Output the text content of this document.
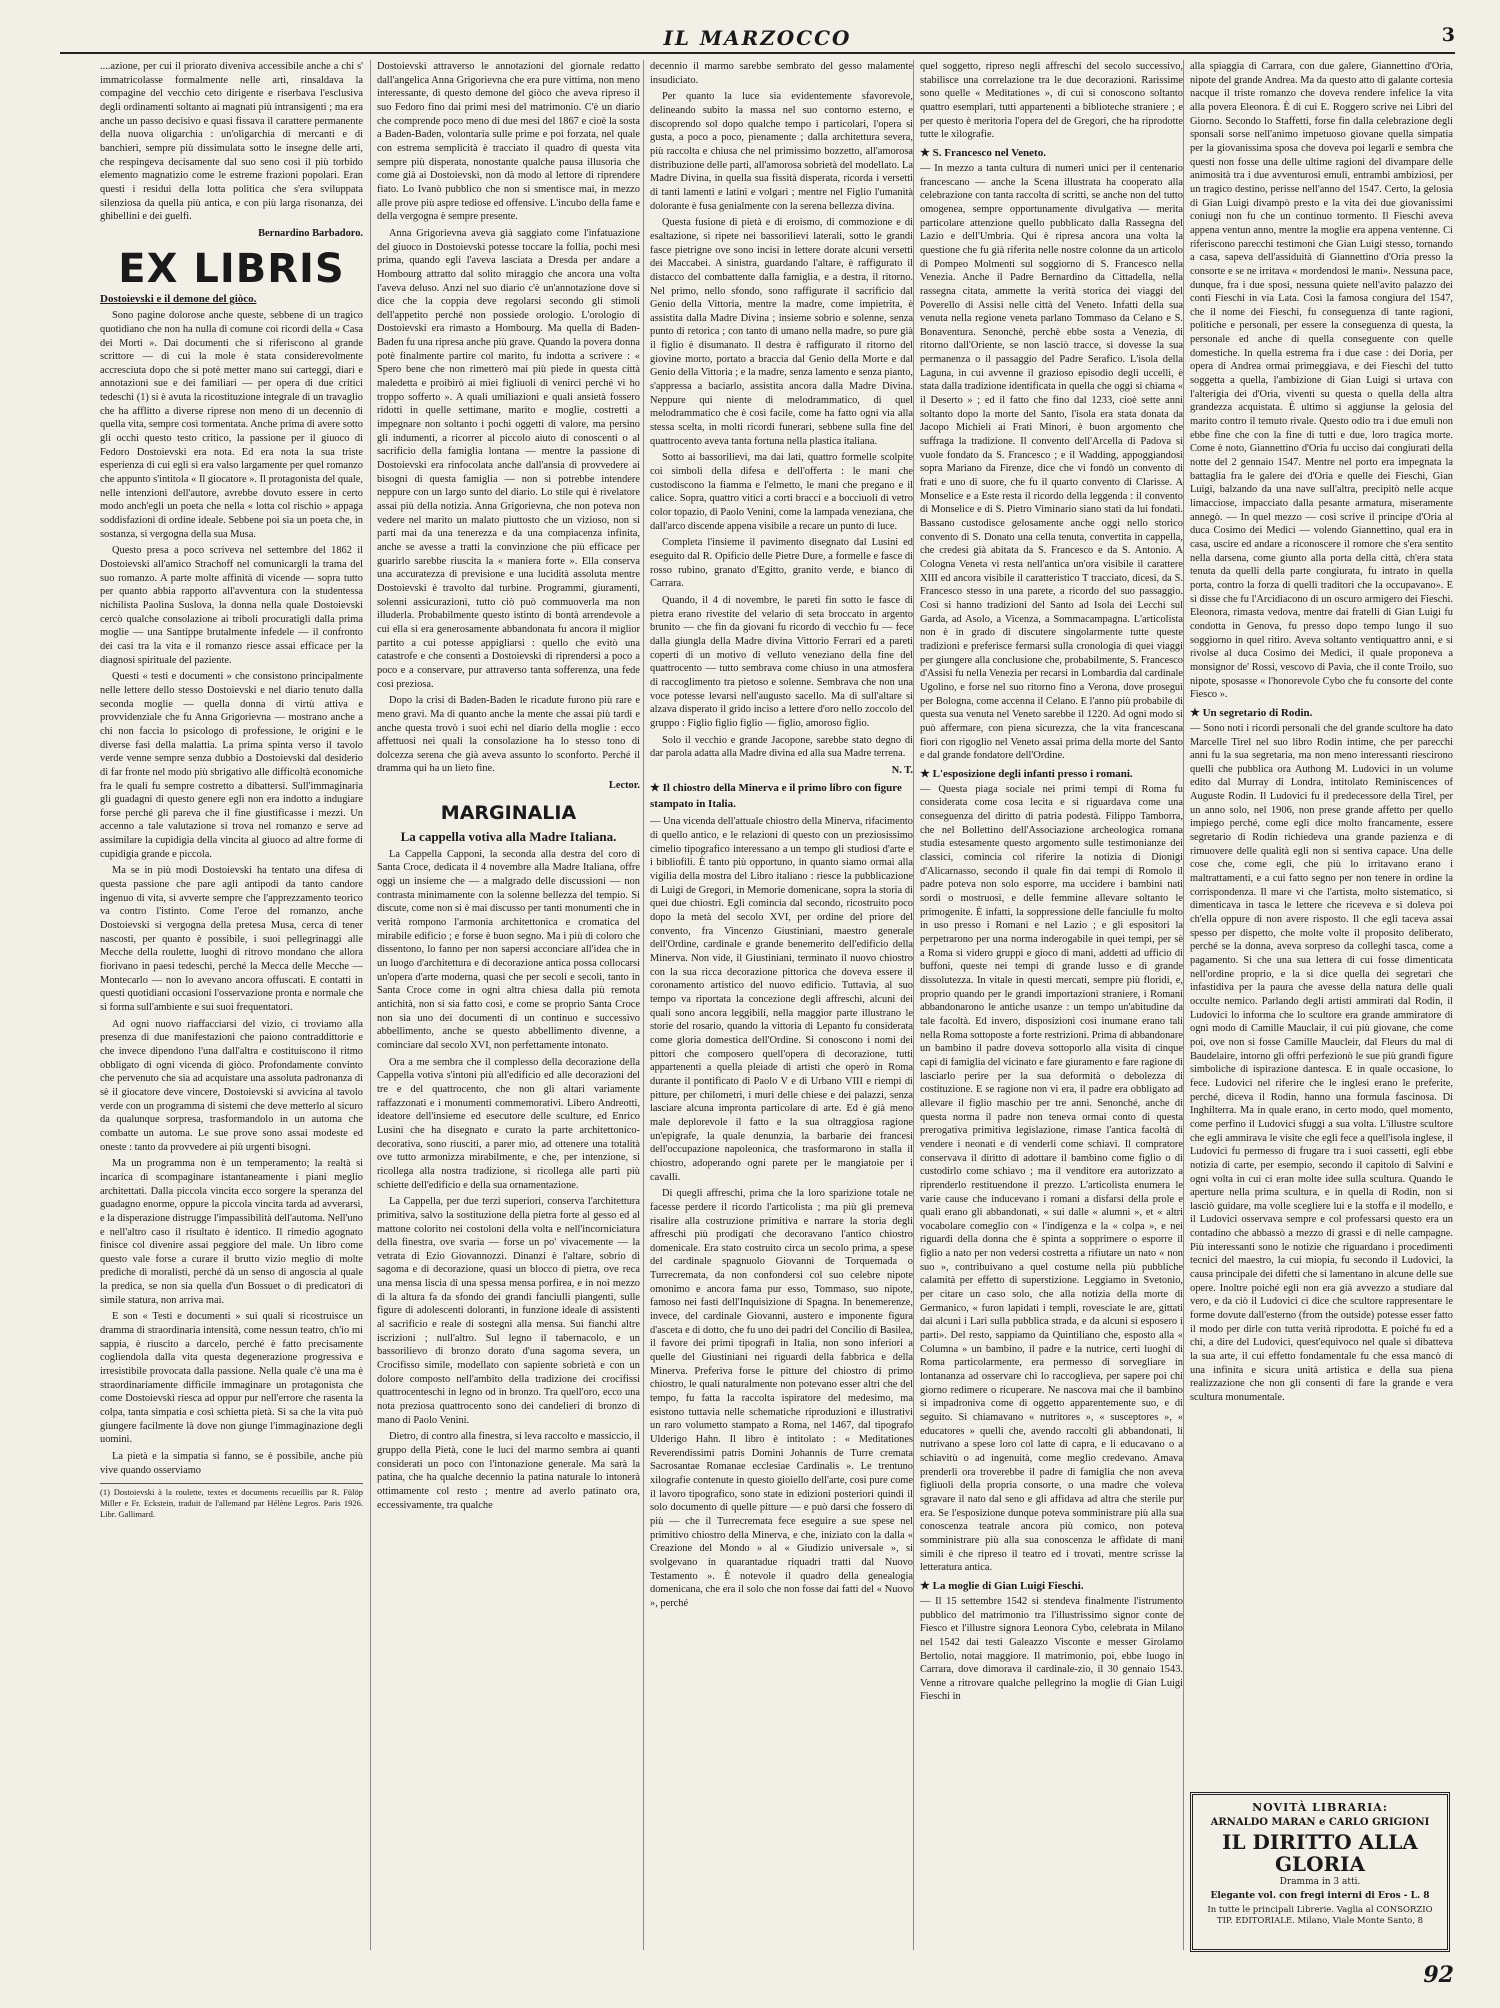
IL MARZOCCO	3

....azione, per cui il priorato diveniva accessibile anche a chi s' immatricolasse formalmente nelle arti, rinsaldava la compagine del vecchio ceto dirigente e riserbava l'esclusiva degli ordinamenti soltanto ai magnati più intransigenti ; ma era anche un passo decisivo e quasi fissava il carattere permanente della nuova oligarchia : un'oligarchia di mercanti e di banchieri, sempre più dissimulata sotto le insegne delle arti, che respingeva decisamente dal suo seno così il più torbido elemento magnatizio come le estreme frazioni popolari. Eran questi i residui della lotta politica che s'era sviluppata silenziosa da quella più antica, e con più larga risonanza, dei ghibellini e dei guelfi.

Bernardino Barbadoro.

EX LIBRIS

Dostoievski e il demone del giòco.

Sono pagine dolorose anche queste, sebbene di un tragico quotidiano che non ha nulla di comune coi ricordi della « Casa dei Morti ». Dai documenti che si riferiscono al grande scrittore — di cui la mole è stata considerevolmente accresciuta dopo che si potè metter mano sui carteggi, diari e annotazioni sue e dei familiari — per opera di due critici tedeschi (1) si è avuta la ricostituzione integrale di un travaglio che ha afflitto a diverse riprese non meno di un decennio di quella vita, sempre così tormentata. Anche prima di avere sotto gli occhi questo testo critico, la passione per il giuoco di Fedoro Dostoievski era nota. Ed era nota la sua triste esperienza di cui egli si era valso largamente per quel romanzo che appunto s'intitola « Il giocatore ». Il protagonista del quale, nelle intenzioni dell'autore, avrebbe dovuto essere in certo modo anch'egli un poeta che nella « lotta col rischio » appaga soddisfazioni di ordine ideale. Sebbene poi sia un poeta che, in sostanza, si vergogna della sua Musa.

Questo presa a poco scriveva nel settembre del 1862 il Dostoievski all'amico Strachoff nel comunicargli la trama del suo romanzo. A parte molte affinità di vicende — sopra tutto per quanto abbia rapporto all'avventura con la studentessa nichilista Paolina Suslova, la donna nella quale Dostoievski cercò qualche consolazione ai triboli procuratigli dalla prima moglie — una Santippe brutalmente infedele — il confronto dei casi tra la vita e il romanzo riesce assai efficace per la diagnosi spirituale del paziente.

Questi « testi e documenti » che consistono principalmente nelle lettere dello stesso Dostoievski e nel diario tenuto dalla seconda moglie — quella donna di virtù attiva e provvidenziale che fu Anna Grigorievna — mostrano anche a chi non faccia lo psicologo di professione, le origini e le diverse fasi della malattia. La prima spinta verso il tavolo verde venne sempre senza dubbio a Dostoievski dal desiderio di far fronte nel modo più sbrigativo alle difficoltà economiche fra le quali fu sempre costretto a dibattersi. Sull'immaginaria gli guadagni di questo genere egli non era indotto a indugiare forse perché gli pareva che il fine giustificasse i mezzi. Un accenno a tale valutazione si trova nel romanzo e serve ad assimilare la cupidigia della vincita al giuoco ad altre forme di cupidigia grande e piccola.

Ma se in più modi Dostoievski ha tentato una difesa di questa passione che pare agli antipodi da tanto candore ingenuo di vita, si avverte sempre che l'apprezzamento teorico va contro l'istinto. Come l'eroe del romanzo, anche Dostoievski si vergogna della pretesa Musa, cerca di tener nascosti, per quanto è possibile, i suoi pellegrinaggi alle Mecche della roulette, luoghi di ritrovo mondano che allora fiorivano in paesi tedeschi, perché la Mecca delle Mecche — Montecarlo — non lo avevano ancora offuscati. E contatti in questi quotidiani occasioni l'osservazione pronta e normale che si forma sull'ambiente e sui suoi frequentatori.

Ad ogni nuovo riaffacciarsi del vizio, ci troviamo alla presenza di due manifestazioni che paiono contraddittorie e che invece dipendono l'una dall'altra e costituiscono il ritmo obbligato di ogni vicenda di giòco. Profondamente convinto che pervenuto che sia ad acquistare una assoluta padronanza di sè il giocatore deve vincere, Dostoievski si avvicina al tavolo verde con un programma di sistemi che deve metterlo al sicuro da qualunque sorpresa, trasformandolo in un automa che combatte un automa. Le sue prove sono assai modeste ed oneste : tanto da provvedere ai più urgenti bisogni.

Ma un programma non è un temperamento; la realtà si incarica di scompaginare istantaneamente i piani meglio architettati. Dalla piccola vincita ecco sorgere la speranza del guadagno enorme, oppure la piccola vincita tarda ad avverarsi, e la disperazione distrugge l'impassibilità dell'automa. Nell'uno e nell'altro caso il risultato è identico. Il rimedio agognato finisce col divenire assai peggiore del male. Un libro come questo vale forse a curare il brutto vizio meglio di molte prediche di moralisti, perché dà un senso di angoscia al quale la predica, se non sia quella d'un Bossuet o di predicatori di simile statura, non arriva mai.

E son « Testi e documenti » sui quali si ricostruisce un dramma di straordinaria intensità, come nessun teatro, ch'io mi sappia, è riuscito a darcelo, perché è fatto precisamente cogliendola dalla vita questa degenerazione progressiva e irresistibile provocata dalla passione. Nella quale c'è una ma è straordinariamente difficile immaginare un protagonista che come Dostoievski riesca ad oppur pur nell'errore che rasenta la colpa, tanta simpatia e così schietta pietà. Si sa che la vita può giungere facilmente là dove non giunge l'immaginazione degli uomini.

La pietà e la simpatia si fanno, se è possibile, anche più vive quando osserviamo

(1) Dostoievski à la roulette, textes et documents recueillis par R. Fülöp Miller e Fr. Eckstein, traduit de l'allemand par Hélène Legros. Paris 1926. Libr. Gallimard.

Dostoievski attraverso le annotazioni del giornale redatto dall'angelica Anna Grigorievna che era pure vittima, non meno interessante, di questo demone del giòco che aveva ripreso il suo Fedoro fino dai primi mesi del matrimonio. C'è un diario che comprende poco meno di due mesi del 1867 e cioè la sosta a Baden-Baden, volontaria sulle prime e poi forzata, nel quale con estrema semplicità è tracciato il quadro di questa vita sempre più disperata, nonostante qualche pausa illusoria che come già ai Dostoievski, non dà modo al lettore di riprendere fiato. Lo Ivanò pubblico che non si smentisce mai, in mezzo alle prove più aspre tediose ed offensive. L'incubo della fame e della vergogna è sempre presente.

Anna Grigorievna aveva già saggiato come l'infatuazione del giuoco in Dostoievski potesse toccare la follia, pochi mesi prima, quando egli l'aveva lasciata a Dresda per andare a Hombourg attratto dal solito miraggio che ancora una volta l'aveva deluso. Anzi nel suo diario c'è un'annotazione dove si dice che la coppia deve regolarsi secondo gli stimoli dell'appetito perché non possiede orologio. L'orologio di Dostoievski era rimasto a Hombourg. Ma quella di Baden-Baden fu una ripresa anche più grave. Quando la povera donna potè finalmente partire col marito, fu indotta a scrivere : « Spero bene che non rimetterò mai più piede in questa città maledetta e proibirò ai miei figliuoli di venirci perché vi ho troppo sofferto ». A quali umiliazioni e quali ansietà fossero ridotti in quelle settimane, marito e moglie, costretti a impegnare non soltanto i pochi oggetti di valore, ma persino gli indumenti, a ricorrer al piccolo aiuto di conoscenti o al sacrificio della famiglia lontana — mentre la passione di Dostoievski era rinfocolata anche dall'ansia di provvedere ai bisogni di questa famiglia — non si potrebbe intendere neppure con un largo sunto del diario. Lo stile qui è rivelatore assai più della notizia. Anna Grigorievna, che non poteva non vedere nel marito un malato piuttosto che un vizioso, non si parti mai da una tenerezza e da una compiacenza infinita, anche se avesse a tratti la convinzione che più efficace per guarirlo sarebbe riuscita la « maniera forte ». Ella conserva una accuratezza di previsione e una lucidità assoluta mentre Dostoievski è travolto dal turbine. Programmi, giuramenti, solenni assicurazioni, tutto ciò può commuoverla ma non illuderla. Probabilmente questo istinto di bontà arrendevole a cui ella si era generosamente abbandonata fu ancora il miglior partito a cui potesse appigliarsi : quello che evitò una catastrofe e che consentì a Dostoievski di riprendersi a poco a poco e a conservare, pur attraverso tanta sofferenza, una fede così preziosa.

Dopo la crisi di Baden-Baden le ricadute furono più rare e meno gravi. Ma di quanto anche la mente che assai più tardi e anche questa trovò i suoi echi nel diario della moglie : ecco affettuosi nei quali la consolazione ha lo stesso tono di dolcezza serena che già aveva assunto lo sconforto. Perché il dramma qui ha un lieto fine.

Lector.

MARGINALIA

La cappella votiva alla Madre Italiana.

La Cappella Capponi, la seconda alla destra del coro di Santa Croce, dedicata il 4 novembre alla Madre Italiana, offre oggi un insieme che — a malgrado delle discussioni — non contrasta minimamente con la solenne bellezza del tempio. Si discute, come non si è mai discusso per tanti monumenti che in verità rompono l'armonia architettonica e cromatica del mirabile edificio ; e forse è buon segno. Ma i più di coloro che dissentono, lo fanno per non sapersi acconciare all'idea che in un luogo d'architettura e di decorazione antica possa collocarsi un'opera d'arte moderna, quasi che per secoli e secoli, tanto in Santa Croce come in ogni altra chiesa dalla più remota antichità, non si sia fatto così, e come se proprio Santa Croce non sia uno dei documenti di un continuo e successivo abbellimento, anche se questo abbellimento divenne, a cominciare dal secolo XVI, non perfettamente intonato.

Ora a me sembra che il complesso della decorazione della Cappella votiva s'intoni più all'edificio ed alle decorazioni del tre e del quattrocento, che non gli altari variamente raffazzonati e i monumenti commemorativi. Libero Andreotti, ideatore dell'insieme ed esecutore delle sculture, ed Enrico Lusini che ha disegnato e curato la parte architettonico-decorativa, sono riusciti, a parer mio, ad ottenere una totalità ove tutto armonizza mirabilmente, e che, per intenzione, si ricollega alla nostra tradizione, si ricollega alle parti più schiette dell'edificio e della sua ornamentazione.

La Cappella, per due terzi superiori, conserva l'architettura primitiva, salvo la sostituzione della pietra forte al gesso ed al mattone colorito nei costoloni della volta e nell'incorniciatura della finestra, ove svaria — forse un po' vivacemente — la vetrata di Ezio Giovannozzi. Dinanzi è l'altare, sobrio di sagoma e di decorazione, quasi un blocco di pietra, ove reca una mensa liscia di una spessa mensa porfirea, e in noi mezzo di la altura fa da sfondo dei grandi fanciulli piangenti, sulle figure di adolescenti doloranti, in funzione ideale di assistenti al sacrificio e reale di sostegni alla mensa. Sui fianchi altre iscrizioni ; null'altro. Sul legno il tabernacolo, e un bassorilievo di bronzo dorato d'una sagoma severa, un Crocifisso simile, modellato con sapiente sobrietà e con un dolore composto nell'ambito della tradizione dei crocifissi quattrocenteschi in legno od in bronzo. Tra quell'oro, ecco una nota preziosa quattrocento sono dei candelieri di bronzo di mano di Paolo Venini.

Dietro, di contro alla finestra, si leva raccolto e massiccio, il gruppo della Pietà, cone le luci del marmo sembra ai quanti considerati un poco con l'intonazione generale. Ma sarà la patina, che ha qualche decennio la patina naturale lo intonerà ottimamente col resto ; mentre ad averlo patinato ora, eccessivamente, tra qualche

decennio il marmo sarebbe sembrato del gesso malamente insudiciato.

Per quanto la luce sia evidentemente sfavorevole, delineando subito la massa nel suo contorno esterno, e discoprendo sol dopo qualche tempo i particolari, l'opera si gusta, a poco a poco, pienamente ; dalla architettura severa, più raccolta e chiusa che nel primissimo bozzetto, all'amorosa distribuzione delle parti, all'amorosa sobrietà del modellato. La Madre Divina, in quella sua fissità disperata, ricorda i versetti di tanti lamenti e latini e volgari ; mentre nel Figlio l'umanità dolorante è fusa genialmente con la serena bellezza divina.

Questa fusione di pietà e di eroismo, di commozione e di esaltazione, si ripete nei bassorilievi laterali, sotto le grandi fasce pietrigne ove sono incisi in lettere dorate alcuni versetti dei Maccabei. A sinistra, guardando l'altare, è raffigurato il distacco del combattente dalla famiglia, e a destra, il ritorno. Nel primo, nello sfondo, sono raffigurate il sacrificio dal Genio della Vittoria, mentre la madre, come impietrita, è assistita dalla Madre Divina ; insieme sobrio e solenne, senza punto di retorica ; con tanto di umano nella madre, so pure già il figlio è disumanato. Il destra è raffigurato il ritorno del giovine morto, portato a braccia dal Genio della Morte e dal Genio della Vittoria ; e la madre, senza lamento e senza pianto, s'appressa a baciarlo, assistita ancora dalla Madre Divina. Neppure qui niente di melodrammatico, di quel melodrammatico che è così facile, come ha fatto ogni via alla stessa scelta, in molti ricordi funerari, sebbene sulla fine del quattrocento aveva tanta fortuna nella plastica italiana.

Sotto ai bassorilievi, ma dai lati, quattro formelle scolpite coi simboli della difesa e dell'offerta : le mani che custodiscono la fiamma e l'elmetto, le mani che pregano e il calice. Sopra, quattro vitici a corti bracci e a bocciuoli di vetro color topazio, di Paolo Venini, come la lampada veneziana, che dall'arco discende appena visibile a recare un punto di luce.

Completa l'insieme il pavimento disegnato dal Lusini ed eseguito dal R. Opificio delle Pietre Dure, a formelle e fasce di rosso rubino, granato d'Egitto, granito verde, e bianco di Carrara.

Quando, il 4 di novembre, le pareti fin sotto le fasce di pietra erano rivestite del velario di seta broccato in argento brunito — che fin da giovani fu ricordo di vecchio fu — fece dalla giungla della Madre divina Vittorio Ferrari ed a pareti coperti di un motivo di velluto veneziano della fine del quattrocento — tutto sembrava come chiuso in una atmosfera di raccoglimento tra pietoso e solenne. Sembrava che non una voce potesse levarsi nell'augusto sacello. Ma di sull'altare si alzava disperato il grido inciso a lettere d'oro nello zoccolo del gruppo : Figlio figlio figlio — figlio, amoroso figlio.

Solo il vecchio e grande Jacopone, sarebbe stato degno di dar parola adatta alla Madre divina ed alla sua Madre terrena.

N. T.

★ Il chiostro della Minerva e il primo libro con figure stampato in Italia.

— Una vicenda dell'attuale chiostro della Minerva, rifacimento di quello antico, e le relazioni di questo con un preziosissimo cimelio tipografico interessano a un tempo gli studiosi d'arte e i bibliofili. È tanto più opportuno, in quanto siamo ormai alla vigilia della mostra del Libro italiano : riesce la pubblicazione di Luigi de Gregori, in Memorie domenicane, sopra la storia di quei due chiostri. Egli comincia dal secondo, ricostruito poco dopo la metà del secolo XVI, per ordine del priore del convento, fra Vincenzo Giustiniani, maestro generale dell'Ordine, cardinale e grande benemerito dell'edificio della Minerva. Non vide, il Giustiniani, terminato il nuovo chiostro con la sua ricca decorazione pittorica che doveva essere il coronamento artistico del nuovo edificio. Tuttavia, al suo tempo va riportata la concezione degli affreschi, alcuni dei quali sono ancora leggibili, nella maggior parte illustrano le storie del rosario, quando la vittoria di Lepanto fu considerata come gloria domestica dell'Ordine. Si conoscono i nomi dei pittori che composero quell'opera di decorazione, tutti appartenenti a quella pleiade di artisti che operò in Roma durante il pontificato di Paolo V e di Urbano VIII e riempì di pitture, per chilometri, i muri delle chiese e dei palazzi, senza lasciare alcuna impronta particolare di arte. Ed è già meno male deplorevole il fatto e la sua oltraggiosa ragione un'epigrafe, la quale denunzia, la barbarie dei francesi dell'occupazione napoleonica, che trasformarono in stalla il chiostro, adoperando ogni parete per le mangiatoie per i cavalli.

Di quegli affreschi, prima che la loro sparizione totale ne facesse perdere il ricordo l'articolista ; ma più gli premeva risalire alla costruzione primitiva e narrare la storia degli affreschi più prodigati che decoravano l'antico chiostro domenicale. Era stato costruito circa un secolo prima, a spese del cardinale spagnuolo Giovanni de Torquemada o Turrecremata, da non confondersi col suo celebre nipote omonimo e ancora fama pur esso, Tommaso, suo nipote, famoso nei fasti dell'Inquisizione di Spagna. In benemerenze, invece, del cardinale Giovanni, austero e imponente figura d'asceta e di dotto, che fu uno dei padri del Concilio di Basilea, il favore dei primi tipografi in Italia, non sono inferiori a quelle del Giustiniani nei riguardi della fabbrica e della Minerva. Preferiva forse le pitture del chiostro di primo chiostro, le quali naturalmente non potevano esser altri che del tempo, fu fatta la raccolta ispiratore del medesimo, ma esistono tuttavia nelle schematiche riproduzioni e illustrativi un raro volumetto stampato a Roma, nel 1467, dal tipografo Ulderigo Hahn. Il libro è intitolato : « Meditationes Reverendissimi patris Domini Johannis de Turre cremata Sacrosantae Romanae ecclesiae Cardinalis ». Le trentuno xilografie contenute in questo gioiello dell'arte, così pure come il lavoro tipografico, sono state in edizioni posteriori quindi il solo documento di quelle pitture — e può darsi che fossero di più — che il Turrecremata fece eseguire a sue spese nel primitivo chiostro della Minerva, e che, iniziato con la dalla « Creazione del Mondo » al « Giudizio universale », si svolgevano in quarantadue riquadri tratti dal Nuovo Testamento ». È notevole il quadro della genealogia domenicana, che era il solo che non fosse dai fatti del « Nuovo », perché

quel soggetto, ripreso negli affreschi del secolo successivo, stabilisce una correlazione tra le due decorazioni. Rarissime sono quelle « Meditationes », di cui si conoscono soltanto quattro esemplari, tutti appartenenti a biblioteche straniere ; e per questo è meritoria l'opera del de Gregori, che ha riprodotte tutte le xilografie.

★ S. Francesco nel Veneto.

— In mezzo a tanta cultura di numeri unici per il centenario francescano — anche la Scena illustrata ha cooperato alla celebrazione con tanta raccolta di scritti, se anche non del tutto omogenea, sempre opportunamente divulgativa — merita particolare attenzione quello pubblicato dalla Rassegna del Lazio e dell'Umbria. Qui è ripresa ancora una volta la questione che fu già riferita nelle nostre colonne da un articolo di Pompeo Molmenti sul soggiorno di S. Francesco nella Venezia. Anche il Padre Bernardino da Cittadella, nella rassegna citata, ammette la verità storica dei viaggi del Poverello di Assisi nelle città del Veneto. Infatti della sua venuta nella regione veneta parlano Tommaso da Celano e S. Bonaventura. Senonchè, perchè ebbe sosta a Venezia, di ritorno dall'Oriente, se non lasciò tracce, si dovesse la sua permanenza o il passaggio del Padre Serafico. L'isola della Laguna, in cui avvenne il grazioso episodio degli uccelli, è stata dalla tradizione identificata in quella che oggi si chiama « il Deserto » ; ed il fatto che fino dal 1233, cioè sette anni soltanto dopo la morte del Santo, l'isola era stata donata da Jacopo Michieli ai Frati Minori, è buon argomento che suffraga la tradizione. Il convento dell'Arcella di Padova si vuole fondato da S. Francesco ; e il Wadding, appoggiandosi sopra Mariano da Firenze, dice che vi fondò un convento di frati e uno di suore, che fu il quarto convento di Clarisse. A Monselice e a Este resta il ricordo della leggenda : il convento di Monselice e di S. Pietro Viminario siano stati da lui fondati. Bassano custodisce gelosamente anche oggi nello storico convento di S. Donato una cella tenuta, convertita in cappella, che credesi già abitata da S. Francesco e da S. Antonio. A Cologna Veneta vi resta nell'antica un'ora visibile il carattere XIII ed ancora visibile il caratteristico T tracciato, dicesi, da S. Francesco stesso in una parete, a ricordo del suo passaggio. Così si hanno tradizioni del Santo ad Isola dei Lecchi sul Garda, ad Asolo, a Vicenza, a Sommacampagna. L'articolista non è in grado di discutere singolarmente tutte queste tradizioni e preferisce fermarsi sulla cronologia di quei viaggi per giungere alla conclusione che, probabilmente, S. Francesco d'Assisi fu nella Venezia per recarsi in Lombardia dal cardinale Ugolino, e forse nel suo ritorno fino a Verona, dove proseguì per Bologna, come accenna il Celano. E l'anno più probabile di questa sua venuta nel Veneto sarebbe il 1220. Ad ogni modo si può affermare, con piena sicurezza, che la vita francescana fiorì con rigoglio nel Veneto assai prima della morte del Santo e dal grande fondatore dell'Ordine.

★ L'esposizione degli infanti presso i romani.

— Questa piaga sociale nei primi tempi di Roma fu considerata come cosa lecita e si riguardava come una conseguenza del diritto di patria podestà. Filippo Tamborra, che nel Bollettino dell'Associazione archeologica romana studia estesamente questo argomento sulle testimonianze dei classici, comincia col riferire la notizia di Dionigi d'Alicarnasso, secondo il quale fin dai tempi di Romolo il padre poteva non solo esporre, ma uccidere i bambini nati sordi o mostruosi, e delle femmine allevare soltanto le primogenite. È infatti, la soppressione delle fanciulle fu molto in uso presso i Romani e nel Lazio ; e gli espositori la perpetrarono per una norma inderogabile in quei tempi, per sè a Roma si videro gruppi e gioco di mani, addetti ad ufficio di buffoni, queste nei tempi di grande lusso e di grande dissolutezza. In vitale in questi mercati, sempre più floridi, e, proprio quando per le grandi importazioni straniere, i Romani abbandonarono le antiche usanze : un tempo un'abitudine da tale facoltà. Ed invero, disposizioni così inumane erano tali nella Roma sottoposte a forte restrizioni. Prima di abbandonare un bambino il padre doveva sottoporlo alla visita di cinque capi di famiglia del vicinato e fare giuramento e fare ragione di lasciarlo perire per la sua deformità o debolezza di costituzione. E se ragione non vi era, il padre era obbligato ad allevare il figlio maschio per tre anni. Senonché, anche di questa norma il padre non teneva ormai conto di questa prerogativa primitiva legislazione, rimase l'antica facoltà di vendere i neonati e di venderli come schiavi. Il compratore conservava il diritto di adottare il bambino come figlio o di custodirlo come schiavo ; ma il venditore era autorizzato a riprenderlo restituendone il prezzo. L'articolista enumera le varie cause che inducevano i romani a disfarsi della prole e quali erano gli abbandonati, « sui dalle « alumni », et « altri vocabolare comeglio con « l'indigenza e la « colpa », e nei riguardi della donna che è spinta a sopprimere o esporre il figlio a nato per non vedersi costretta a rifiutare un nato « non suo », contribuivano a quel costume nella più pubbliche calamità per effetto di superstizione. Leggiamo in Svetonio, per citare un caso solo, che alla notizia della morte di Germanico, « furon lapidati i templi, rovesciate le are, gittati dai alcuni i Lari sulla pubblica strada, e da alcuni si esposero i parti». Del resto, sappiamo da Quintiliano che, esposto alla « Columna » un bambino, il padre e la nutrice, certi luoghi di Roma particolarmente, era permesso di sorvegliare in lontananza ad osservare chi lo raccoglieva, per sapere poi chi giorno redimere o ricuperare. Ne nascova mai che il bambino si impadroniva come di oggetto apparentemente suo, e di seguito. Si chiamavano « nutritores », « susceptores », « educatores » quelli che, avendo raccolti gli abbandonati, li nutrivano a spese loro col latte di capra, e li educavano o a schiavitù o ad ingenuità, come meglio credevano. Amava prenderli ora troverebbe il padre di famiglia che non aveva figliuoli della propria consorte, o una madre che voleva sgravare il nato dal seno e gli affidava ad altra che sterile pur era. Se l'esposizione dunque poteva somministrare più alla sua conoscenza teatrale ancora più comico, non poteva somministrare più alla sua conoscenza le affidate di mani simili è che ripreso il teatro ed i trovati, mentre scrisse la letteratura antica.

★ La moglie di Gian Luigi Fieschi.

— Il 15 settembre 1542 si stendeva finalmente l'istrumento pubblico del matrimonio tra l'illustrissimo signor conte de Fiesco et l'illustre signora Leonora Cybo, celebrata in Milano nel 1542 dai testi Galeazzo Visconte e messer Girolamo Bertolio, notai maggiore. Il matrimonio, poi, ebbe luogo in Carrara, dove dimorava il cardinale-zio, il 30 gennaio 1543. Venne a ritrovare qualche pellegrino la moglie di Gian Luigi Fieschi in

alla spiaggia di Carrara, con due galere, Giannettino d'Oria, nipote del grande Andrea. Ma da questo atto di galante cortesia nacque il triste romanzo che doveva rendere infelice la vita alla povera Eleonora. È di cui E. Roggero scrive nei Libri del Giorno. Secondo lo Staffetti, forse fin dalla celebrazione degli sponsali sorse nell'animo impetuoso giovane quella simpatia per la giovanissima sposa che doveva poi legarli e sembra che questi non fosse una delle ultime ragioni del divampare delle animosità tra i due avventurosi emuli, entrambi ambiziosi, per un tragico destino, perisse nell'anno del 1547. Certo, la gelosia di Gian Luigi divampò presto e la vita dei due giovanissimi coniugi non fu che un continuo tormento. Il Fieschi aveva appena ventun anno, mentre la moglie era appena ventenne. Ci riferiscono parecchi testimoni che Gian Luigi stesso, tornando a casa, sapeva dell'assiduità di Giannettino d'Oria presso la consorte e se ne irritava « mordendosi le mani». Nessuna pace, dunque, fra i due sposi, nessuna quiete nell'avito palazzo dei conti Fieschi in via Lata. Così la famosa congiura del 1547, che il nome dei Fieschi, fu conseguenza di tante ragioni, politiche e personali, per essere la conseguenza di questa, la personale ed anche di quella conseguente con quelle domestiche. In quella estrema fra i due case : dei Doria, per opera di Andrea ormai primeggiava, e dei Fieschi del tutto soggetta a quella, l'ambizione di Gian Luigi si urtava con l'alterigia dei d'Oria, viventi su questa o quella della altra grandezza acquistata. È ultimo si aggiunse la gelosia del marito contro il temuto rivale. Questo odio tra i due emuli non ebbe fine che con la fine di tutti e due, loro tragica morte. Come è noto, Giannettino d'Oria fu ucciso dai congiurati della notte del 2 gennaio 1547. Mentre nel porto era impegnata la battaglia fra le galere dei d'Oria e quelle dei Fieschi, Gian Luigi, balzando da una nave sull'altra, precipitò nelle acque limacciose, impacciato dalla pesante armatura, miseramente annegò. — In quel mezzo — così scrive il principe d'Oria al duca Cosimo dei Medici — volendo Giannettino, qual era in casa, uscire ed andare a riconoscere il romore che s'era sentito nella darsena, come giunto alla porta della città, ch'era stata tenuta da quelli della parte congiurata, fu intrato in quella porta, contro la forza di quelli traditori che la occupavano». E si disse che fu l'Arcidiacono di un oscuro armigero dei Fieschi. Eleonora, rimasta vedova, mentre dai fratelli di Gian Luigi fu condotta in Genova, fu presso dopo tempo lungo il suo soggiorno in quel ritiro. Aveva soltanto ventiquattro anni, e si rivolse al duca Cosimo dei Medici, il quale proponeva a monsignor de' Rossi, vescovo di Pavia, che il conte Troilo, suo nipote, sposasse « l'honorevole Cybo che fu consorte del conte Fiesco ».

★ Un segretario di Rodin.

— Sono noti i ricordi personali che del grande scultore ha dato Marcelle Tirel nel suo libro Rodin intime, che per parecchi anni fu la sua segretaria, ma non meno interessanti riescirono quelli che pubblica ora Authong M. Ludovici in un volume edito dal Murray di Londra, intitolato Reminiscences of Auguste Rodin. Il Ludovici fu il predecessore della Tirel, per un anno solo, nel 1906, non prese grande affetto per quello impiego perché, come egli dice molto francamente, essere segretario di Rodin richiedeva una grande pazienza e di rimuovere delle qualità egli non si sentiva capace. Una delle cose che, come egli, che più lo irritavano erano i maltrattamenti, e a cui fatto segno per non tenere in ordine la corrispondenza. Il mare vi che l'artista, molto sistematico, si dimenticava in tasca le lettere che riceveva e si doleva poi ch'ella oppure di non avere risposto. Il che egli taceva assai spesso per dispetto, che molte volte il proposito deliberato, perché se la donna, aveva sorpreso da colleghi tasca, come a pagamento. Si che una sua lettera di cui fosse dimenticata nell'ordine proprio, e la si dice quella dei segretari che infastidiva per la paura che avesse della natura delle quali occulte nemico. Parlando degli artisti ammirati dal Rodin, il Ludovici lo informa che lo scultore era grande ammiratore di ogni modo di Camille Mauclair, il cui più giovane, che come poi, ove non si fosse Camille Maucleir, dal Fleurs du mal di Baudelaire, intorno gli offri perfezionò le sue più grandi figure simboliche di ispirazione dantesca. E in quale occasione, lo fece. Ludovici nel riferire che le inglesi erano le preferite, perché, diceva il Rodin, hanno una formula fascinosa. Di Inghilterra. Ma in quale erano, in certo modo, quel momento, come perfino il Ludovici sfuggì a sua volta. L'illustre scultore che egli ammirava le visite che egli fece a quell'isola inglese, il Ludovici fu permesso di frugare tra i suoi cassetti, egli ebbe notizia di carte, per esempio, secondo il capitolo di Salvini e ogni volta in cui ci eran molte idee sulla scultura. Quando le aperture nella prima scultura, e in quella di Rodin, non si lasciò guidare, ma volle scegliere lui e la stoffa e il modello, e il Ludovici osservava sempre e col professarsi questo era un contadino che abbassò a mezzo di grassi e di nelle campagne. Più interessanti sono le notizie che riguardano i procedimenti tecnici del maestro, la cui miopia, fu secondo il Ludovici, la causa principale dei difetti che si lamentano in alcune delle sue opere. Inoltre poiché egli non era già avvezzo a studiare dal vero, e da ciò il Ludovici ci dice che scultore rappresentare le forme dovute dall'esterno (from the outside) potesse esser fatto il modo per dirle con tutta verità riprodotta. E poiché fu ed a chi, a dire del Ludovici, quest'equivoco nel quale si dibatteva la sua arte, il cui effetto fondamentale fu che essa mancò di una infinita e sicura unità artistica e della sua piena realizzazione che non gli consentì di fare la grande e vera scultura monumentale.

NOVITÀ LIBRARIA:
ARNALDO MARAN e CARLO GRIGIONI
IL DIRITTO ALLA GLORIA
Dramma in 3 atti.
Elegante vol. con fregi interni di Eros - L. 8
In tutte le principali Librerie. Vaglia al CONSORZIO TIP. EDITORIALE. Milano, Viale Monte Santo, 8
92
